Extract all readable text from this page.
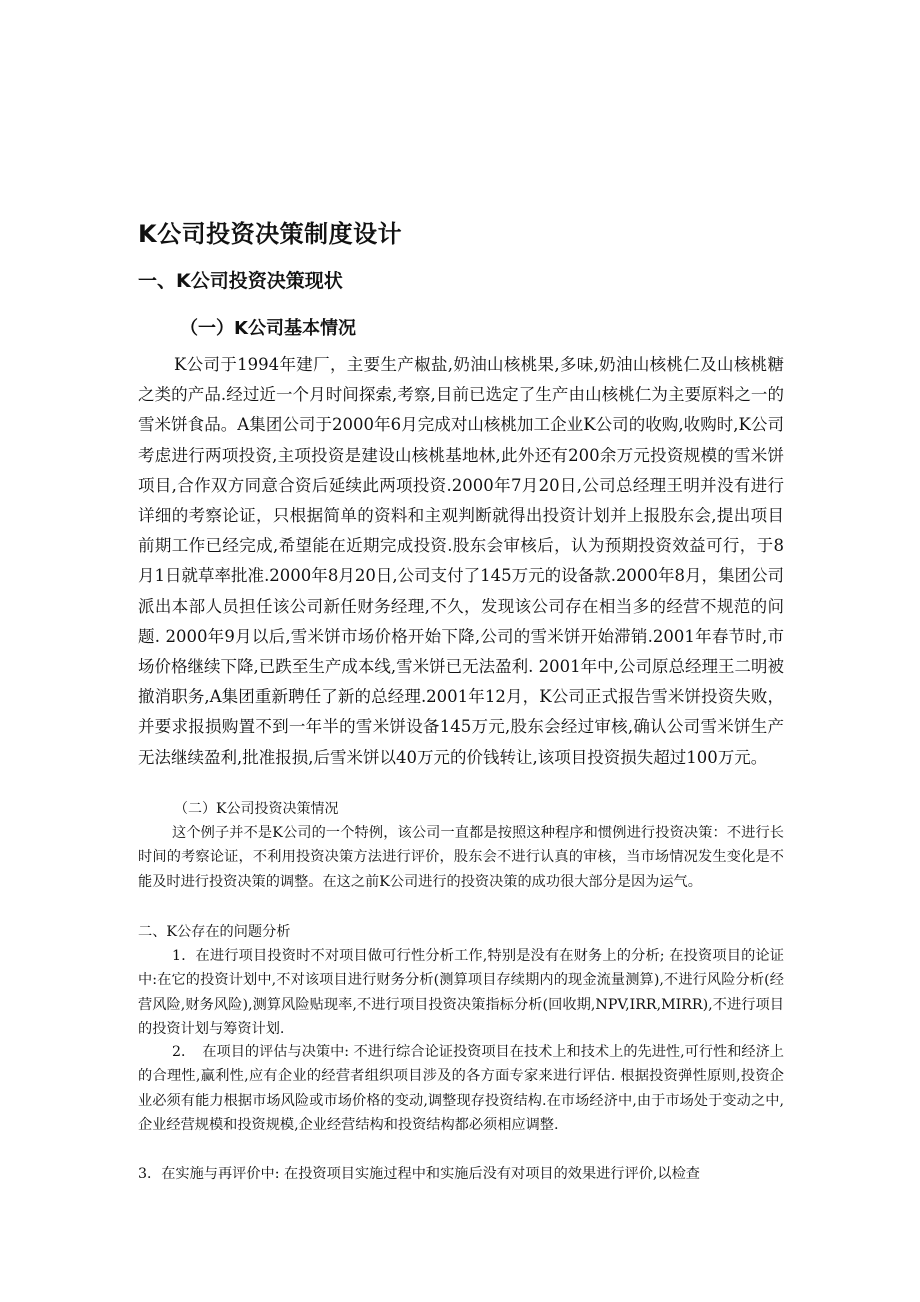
K公司投资决策制度设计
一、K公司投资决策现状
（一）K公司基本情况
K公司于1994年建厂，主要生产椒盐,奶油山核桃果,多味,奶油山核桃仁及山核桃糖之类的产品.经过近一个月时间探索,考察,目前已选定了生产由山核桃仁为主要原料之一的雪米饼食品。A集团公司于2000年6月完成对山核桃加工企业K公司的收购,收购时,K公司考虑进行两项投资,主项投资是建设山核桃基地林,此外还有200余万元投资规模的雪米饼项目,合作双方同意合资后延续此两项投资.2000年7月20日,公司总经理王明并没有进行详细的考察论证，只根据简单的资料和主观判断就得出投资计划并上报股东会,提出项目前期工作已经完成,希望能在近期完成投资.股东会审核后，认为预期投资效益可行，于8月1日就草率批准.2000年8月20日,公司支付了145万元的设备款.2000年8月，集团公司派出本部人员担任该公司新任财务经理,不久，发现该公司存在相当多的经营不规范的问题. 2000年9月以后,雪米饼市场价格开始下降,公司的雪米饼开始滞销.2001年春节时,市场价格继续下降,已跌至生产成本线,雪米饼已无法盈利. 2001年中,公司原总经理王二明被撤消职务,A集团重新聘任了新的总经理.2001年12月，K公司正式报告雪米饼投资失败，并要求报损购置不到一年半的雪米饼设备145万元,股东会经过审核,确认公司雪米饼生产无法继续盈利,批准报损,后雪米饼以40万元的价钱转让,该项目投资损失超过100万元。
（二）K公司投资决策情况
这个例子并不是K公司的一个特例，该公司一直都是按照这种程序和惯例进行投资决策：不进行长时间的考察论证，不利用投资决策方法进行评价，股东会不进行认真的审核，当市场情况发生变化是不能及时进行投资决策的调整。在这之前K公司进行的投资决策的成功很大部分是因为运气。
二、K公存在的问题分析
1．在进行项目投资时不对项目做可行性分析工作,特别是没有在财务上的分析; 在投资项目的论证中:在它的投资计划中,不对该项目进行财务分析(测算项目存续期内的现金流量测算),不进行风险分析(经营风险,财务风险),测算风险贴现率,不进行项目投资决策指标分析(回收期,NPV,IRR,MIRR),不进行项目的投资计划与筹资计划.
2．　在项目的评估与决策中: 不进行综合论证投资项目在技术上和技术上的先进性,可行性和经济上的合理性,赢利性,应有企业的经营者组织项目涉及的各方面专家来进行评估. 根据投资弹性原则,投资企业必须有能力根据市场风险或市场价格的变动,调整现存投资结构.在市场经济中,由于市场处于变动之中,企业经营规模和投资规模,企业经营结构和投资结构都必须相应调整.
3．在实施与再评价中: 在投资项目实施过程中和实施后没有对项目的效果进行评价,以检查
